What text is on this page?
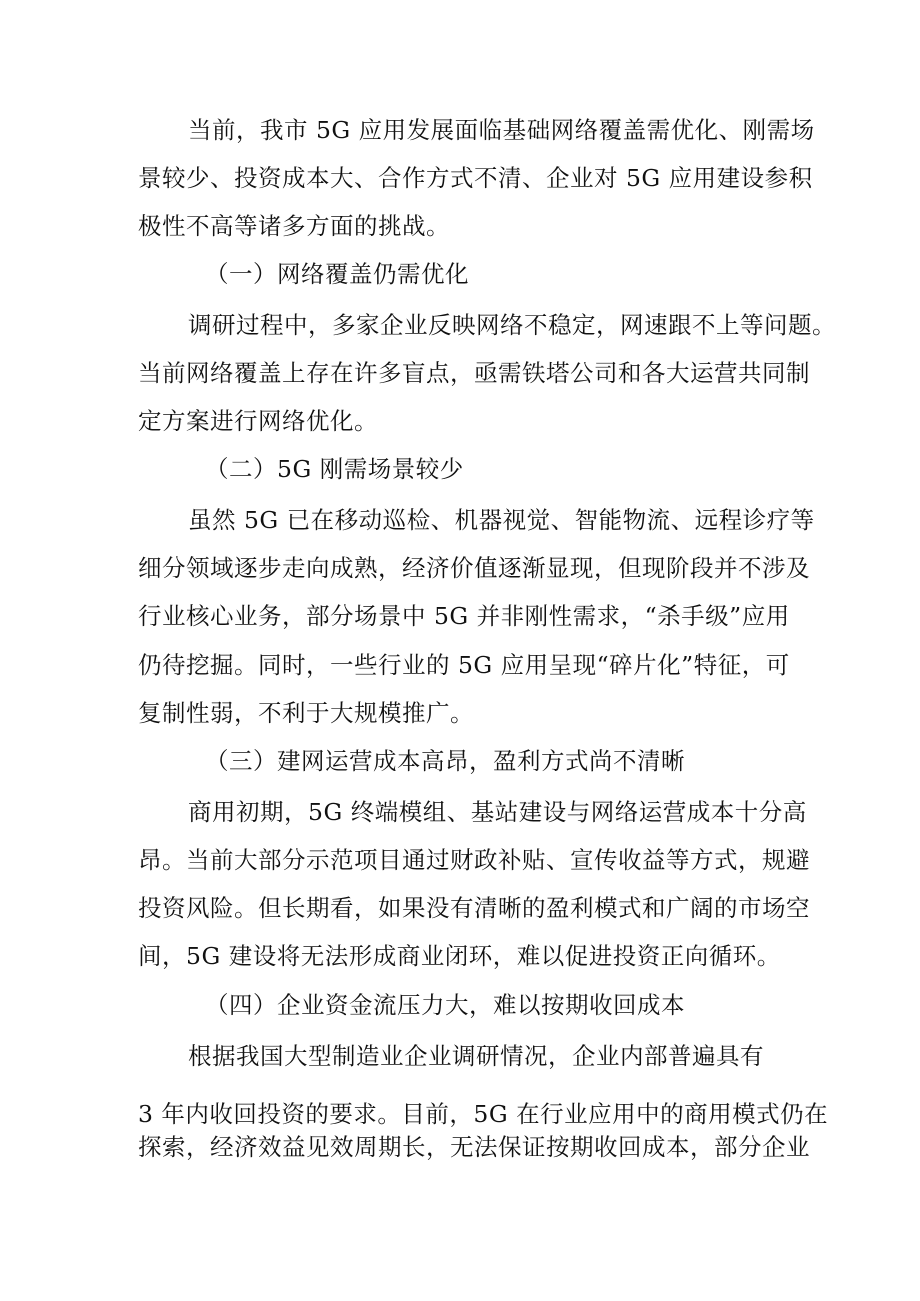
当前，我市 5G 应用发展面临基础网络覆盖需优化、刚需场
景较少、投资成本大、合作方式不清、企业对 5G 应用建设参积
极性不高等诸多方面的挑战。
（一）网络覆盖仍需优化
调研过程中，多家企业反映网络不稳定，网速跟不上等问题。
当前网络覆盖上存在许多盲点，亟需铁塔公司和各大运营共同制
定方案进行网络优化。
（二）5G 刚需场景较少
虽然 5G 已在移动巡检、机器视觉、智能物流、远程诊疗等
细分领域逐步走向成熟，经济价值逐渐显现，但现阶段并不涉及
行业核心业务，部分场景中 5G 并非刚性需求，“杀手级”应用
仍待挖掘。同时，一些行业的 5G 应用呈现“碎片化”特征，可
复制性弱，不利于大规模推广。
（三）建网运营成本高昂，盈利方式尚不清晰
商用初期，5G 终端模组、基站建设与网络运营成本十分高
昂。当前大部分示范项目通过财政补贴、宣传收益等方式，规避
投资风险。但长期看，如果没有清晰的盈利模式和广阔的市场空
间，5G 建设将无法形成商业闭环，难以促进投资正向循环。
（四）企业资金流压力大，难以按期收回成本
根据我国大型制造业企业调研情况，企业内部普遍具有
3 年内收回投资的要求。目前，5G 在行业应用中的商用模式仍在
探索，经济效益见效周期长，无法保证按期收回成本，部分企业
